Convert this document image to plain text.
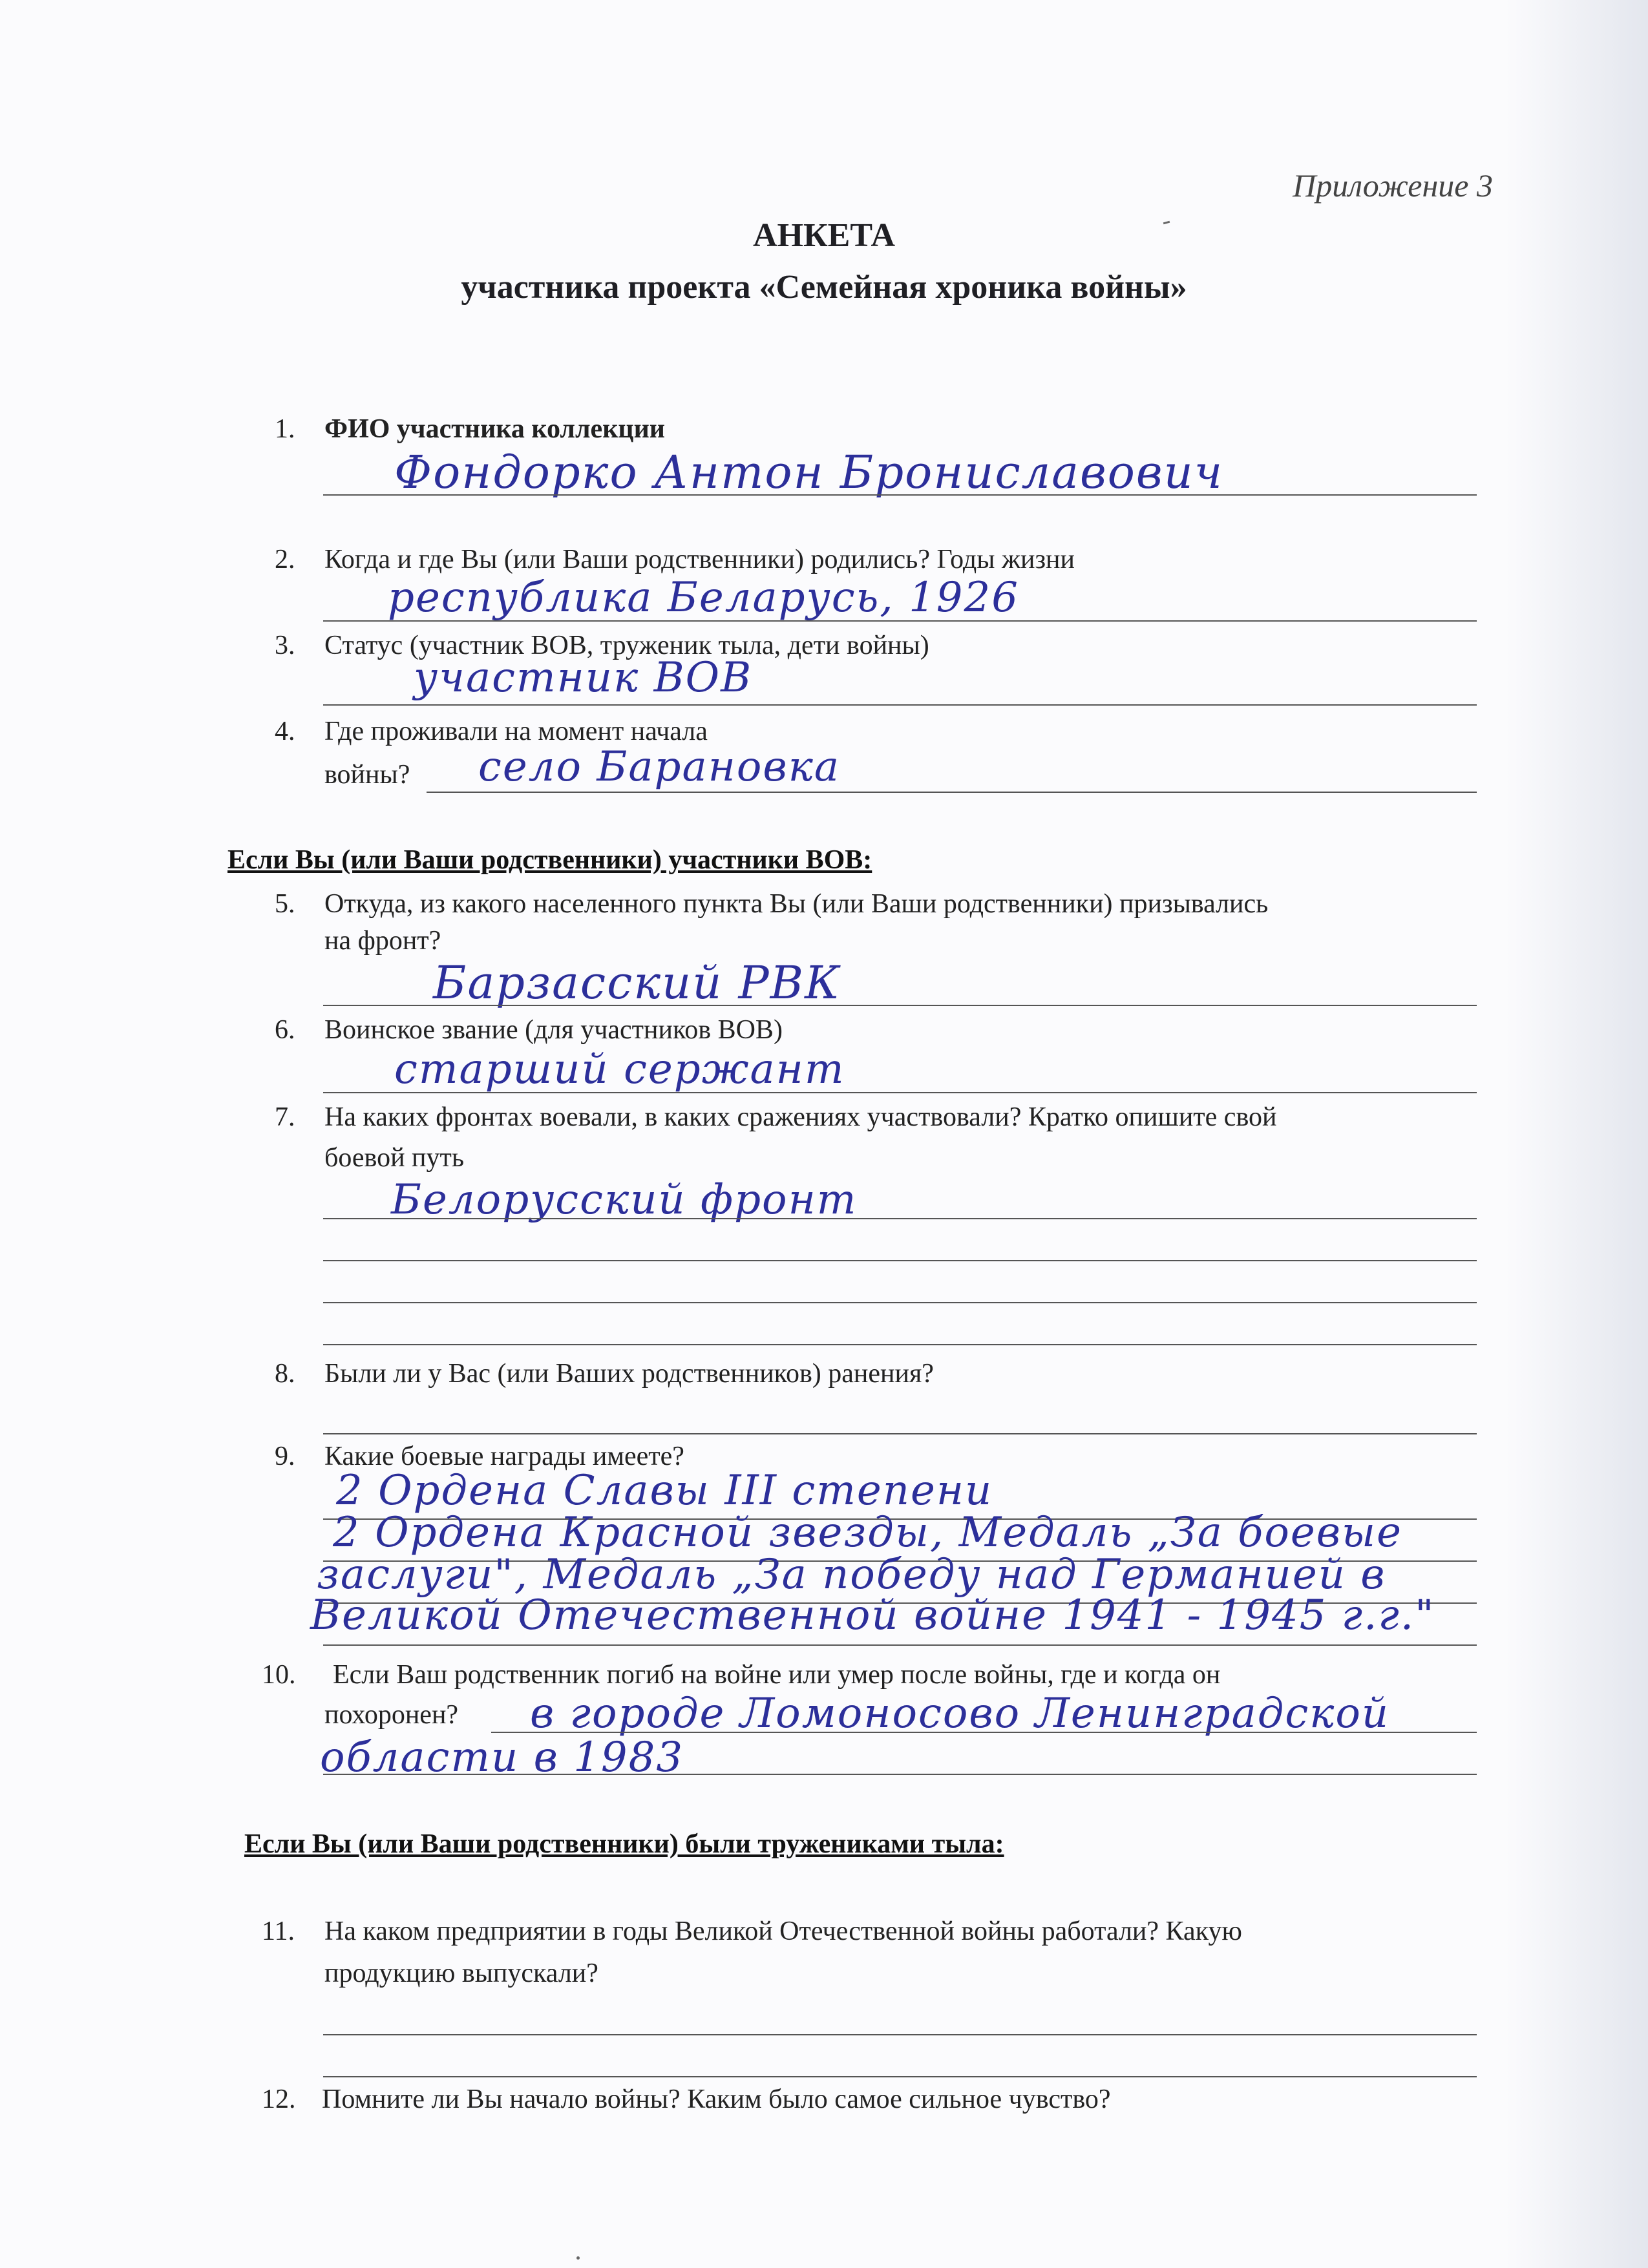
Приложение 3
АНКЕТА
участника проекта «Семейная хроника войны»
1. ФИО участника коллекции
Фондорко Антон Брониславович
2. Когда и где Вы (или Ваши родственники) родились? Годы жизни
республика Беларусь, 1926
3. Статус (участник ВОВ, труженик тыла, дети войны)
участник ВОВ
4. Где проживали на момент начала
войны? село Барановка
Если Вы (или Ваши родственники) участники ВОВ:
5. Откуда, из какого населенного пункта Вы (или Ваши родственники) призывались
на фронт?
Барзасский РВК
6. Воинское звание (для участников ВОВ)
старший сержант
7. На каких фронтах воевали, в каких сражениях участвовали? Кратко опишите свой
боевой путь
Белорусский фронт
8. Были ли у Вас (или Ваших родственников) ранения?
9. Какие боевые награды имеете?
2 Ордена Славы III степени
2 Ордена Красной звезды, Медаль „За боевые
заслуги", Медаль „За победу над Германией в
Великой Отечественной войне 1941 - 1945 г.г."
10. Если Ваш родственник погиб на войне или умер после войны, где и когда он
похоронен? в городе Ломоносово Ленинградской
области в 1983
Если Вы (или Ваши родственники) были тружениками тыла:
11. На каком предприятии в годы Великой Отечественной войны работали? Какую
продукцию выпускали?
12. Помните ли Вы начало войны? Каким было самое сильное чувство?
